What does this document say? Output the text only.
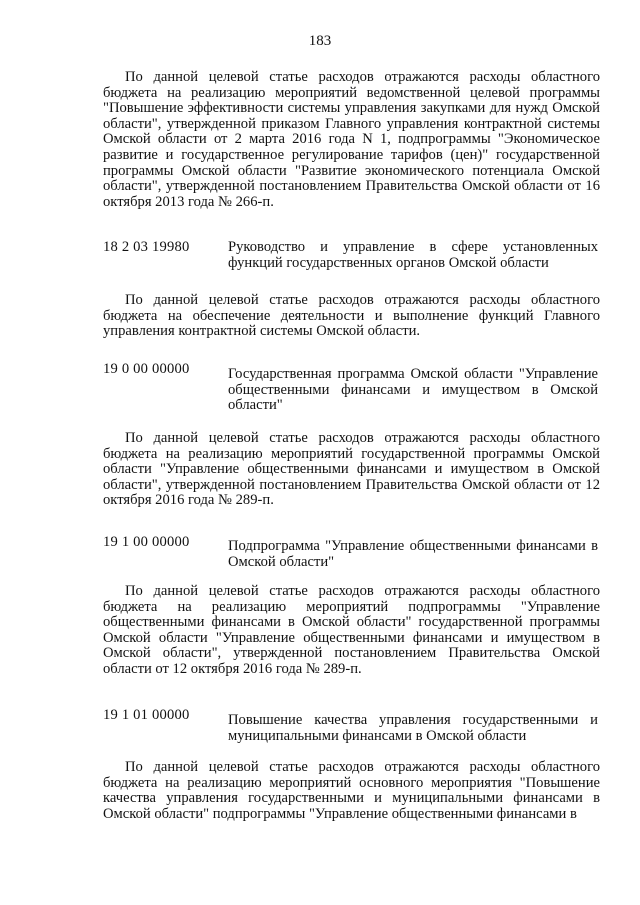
183
По данной целевой статье расходов отражаются расходы областного бюджета на реализацию мероприятий ведомственной целевой программы "Повышение эффективности системы управления закупками для нужд Омской области", утвержденной приказом Главного управления контрактной системы Омской области от 2 марта 2016 года N 1, подпрограммы "Экономическое развитие и государственное регулирование тарифов (цен)" государственной программы Омской области "Развитие экономического потенциала Омской области", утвержденной постановлением Правительства Омской области от 16 октября 2013 года № 266-п.
18 2 03 19980	Руководство и управление в сфере установленных функций государственных органов Омской области
По данной целевой статье расходов отражаются расходы областного бюджета на обеспечение деятельности и выполнение функций Главного управления контрактной системы Омской области.
19 0 00 00000	Государственная программа Омской области "Управление общественными финансами и имуществом в Омской области"
По данной целевой статье расходов отражаются расходы областного бюджета на реализацию мероприятий государственной программы Омской области "Управление общественными финансами и имуществом в Омской области", утвержденной постановлением Правительства Омской области от 12 октября 2016 года № 289-п.
19 1 00 00000	Подпрограмма "Управление общественными финансами в Омской области"
По данной целевой статье расходов отражаются расходы областного бюджета на реализацию мероприятий подпрограммы "Управление общественными финансами в Омской области" государственной программы Омской области "Управление общественными финансами и имуществом в Омской области", утвержденной постановлением Правительства Омской области от 12 октября 2016 года № 289-п.
19 1 01 00000	Повышение качества управления государственными и муниципальными финансами в Омской области
По данной целевой статье расходов отражаются расходы областного бюджета на реализацию мероприятий основного мероприятия "Повышение качества управления государственными и муниципальными финансами в Омской области" подпрограммы "Управление общественными финансами в
